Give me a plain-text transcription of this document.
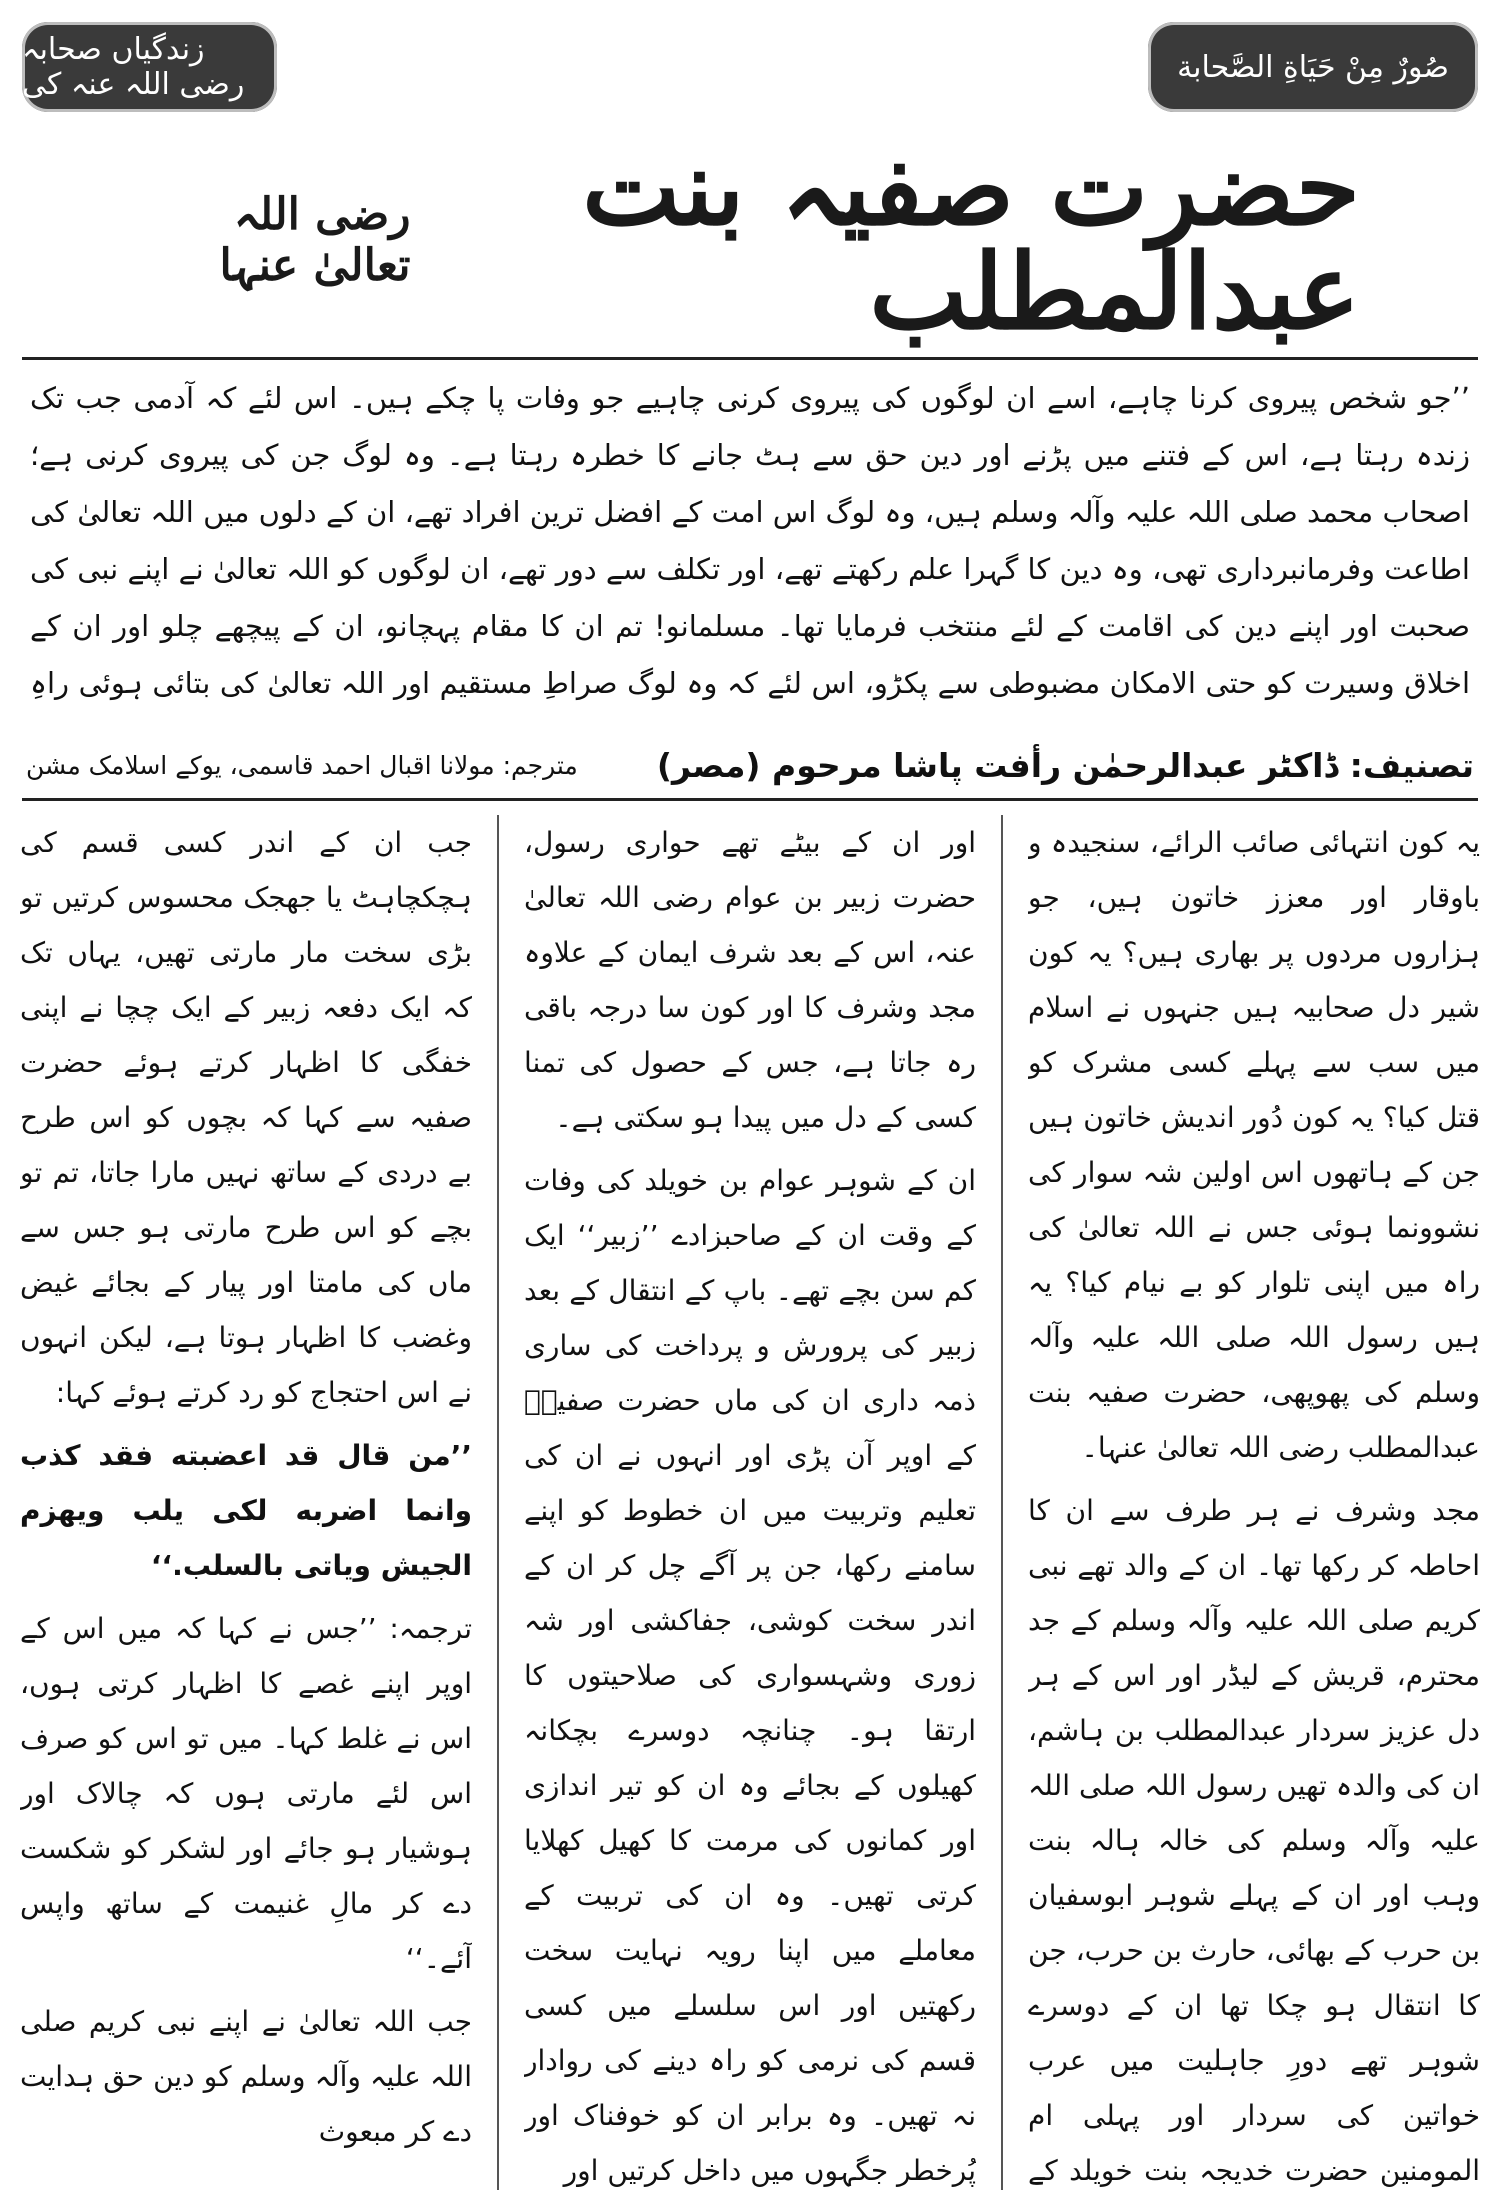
صُورٌ مِنْ حَيَاةِ الصَّحابة
زندگیاں صحابہ رضی اللہ عنہ کی
حضرت صفیہ بنت عبدالمطلب
رضی اللہ تعالیٰ عنہا
’’جو شخص پیروی کرنا چاہے، اسے ان لوگوں کی پیروی کرنی چاہیے جو وفات پا چکے ہیں۔ اس لئے کہ آدمی جب تک زندہ رہتا ہے، اس کے فتنے میں پڑنے اور دین حق سے ہٹ جانے کا خطرہ رہتا ہے۔ وہ لوگ جن کی پیروی کرنی ہے؛ اصحاب محمد صلی اللہ علیہ وآلہ وسلم ہیں، وہ لوگ اس امت کے افضل ترین افراد تھے، ان کے دلوں میں اللہ تعالیٰ کی اطاعت وفرمانبرداری تھی، وہ دین کا گہرا علم رکھتے تھے، اور تکلف سے دور تھے، ان لوگوں کو اللہ تعالیٰ نے اپنے نبی کی صحبت اور اپنے دین کی اقامت کے لئے منتخب فرمایا تھا۔ مسلمانو! تم ان کا مقام پہچانو، ان کے پیچھے چلو اور ان کے اخلاق وسیرت کو حتی الامکان مضبوطی سے پکڑو، اس لئے کہ وہ لوگ صراطِ مستقیم اور اللہ تعالیٰ کی بتائی ہوئی راہِ
تصنیف: ڈاکٹر عبدالرحمٰن رأفت پاشا مرحوم (مصر)
مترجم: مولانا اقبال احمد قاسمی، یوکے اسلامک مشن

یہ کون انتہائی صائب الرائے، سنجیدہ و باوقار اور معزز خاتون ہیں، جو ہزاروں مردوں پر بھاری ہیں؟ یہ کون شیر دل صحابیہ ہیں جنہوں نے اسلام میں سب سے پہلے کسی مشرک کو قتل کیا؟ یہ کون دُور اندیش خاتون ہیں جن کے ہاتھوں اس اولین شہ سوار کی نشوونما ہوئی جس نے اللہ تعالیٰ کی راہ میں اپنی تلوار کو بے نیام کیا؟ یہ ہیں رسول اللہ صلی اللہ علیہ وآلہ وسلم کی پھوپھی، حضرت صفیہ بنت عبدالمطلب رضی اللہ تعالیٰ عنہا۔

مجد وشرف نے ہر طرف سے ان کا احاطہ کر رکھا تھا۔ ان کے والد تھے نبی کریم صلی اللہ علیہ وآلہ وسلم کے جد محترم، قریش کے لیڈر اور اس کے ہر دل عزیز سردار عبدالمطلب بن ہاشم، ان کی والدہ تھیں رسول اللہ صلی اللہ علیہ وآلہ وسلم کی خالہ ہالہ بنت وہب اور ان کے پہلے شوہر ابوسفیان بن حرب کے بھائی، حارث بن حرب، جن کا انتقال ہو چکا تھا ان کے دوسرے شوہر تھے دورِ جاہلیت میں عرب خواتین کی سردار اور پہلی ام المومنین حضرت خدیجہ بنت خویلد کے

اور ان کے بیٹے تھے حواری رسول، حضرت زبیر بن عوام رضی اللہ تعالیٰ عنہ، اس کے بعد شرف ایمان کے علاوہ مجد وشرف کا اور کون سا درجہ باقی رہ جاتا ہے، جس کے حصول کی تمنا کسی کے دل میں پیدا ہو سکتی ہے۔

ان کے شوہر عوام بن خویلد کی وفات کے وقت ان کے صاحبزادے ’’زبیر‘‘ ایک کم سن بچے تھے۔ باپ کے انتقال کے بعد زبیر کی پرورش و پرداخت کی ساری ذمہ داری ان کی ماں حضرت صفیہؓ کے اوپر آن پڑی اور انہوں نے ان کی تعلیم وتربیت میں ان خطوط کو اپنے سامنے رکھا، جن پر آگے چل کر ان کے اندر سخت کوشی، جفاکشی اور شہ زوری وشہسواری کی صلاحیتوں کا ارتقا ہو۔ چنانچہ دوسرے بچکانہ کھیلوں کے بجائے وہ ان کو تیر اندازی اور کمانوں کی مرمت کا کھیل کھلایا کرتی تھیں۔ وہ ان کی تربیت کے معاملے میں اپنا رویہ نہایت سخت رکھتیں اور اس سلسلے میں کسی قسم کی نرمی کو راہ دینے کی روادار نہ تھیں۔ وہ برابر ان کو خوفناک اور پُرخطر جگہوں میں داخل کرتیں اور

جب ان کے اندر کسی قسم کی ہچکچاہٹ یا جھجک محسوس کرتیں تو بڑی سخت مار مارتی تھیں، یہاں تک کہ ایک دفعہ زبیر کے ایک چچا نے اپنی خفگی کا اظہار کرتے ہوئے حضرت صفیہ سے کہا کہ بچوں کو اس طرح بے دردی کے ساتھ نہیں مارا جاتا، تم تو بچے کو اس طرح مارتی ہو جس سے ماں کی مامتا اور پیار کے بجائے غیض وغضب کا اظہار ہوتا ہے، لیکن انہوں نے اس احتجاج کو رد کرتے ہوئے کہا:

’’من قال قد اعضبته فقد کذب وانما اضربه لکی یلب ویهزم الجیش ویاتی بالسلب.‘‘

ترجمہ: ’’جس نے کہا کہ میں اس کے اوپر اپنے غصے کا اظہار کرتی ہوں، اس نے غلط کہا۔ میں تو اس کو صرف اس لئے مارتی ہوں کہ چالاک اور ہوشیار ہو جائے اور لشکر کو شکست دے کر مالِ غنیمت کے ساتھ واپس آئے۔‘‘

جب اللہ تعالیٰ نے اپنے نبی کریم صلی اللہ علیہ وآلہ وسلم کو دین حق ہدایت دے کر مبعوث
